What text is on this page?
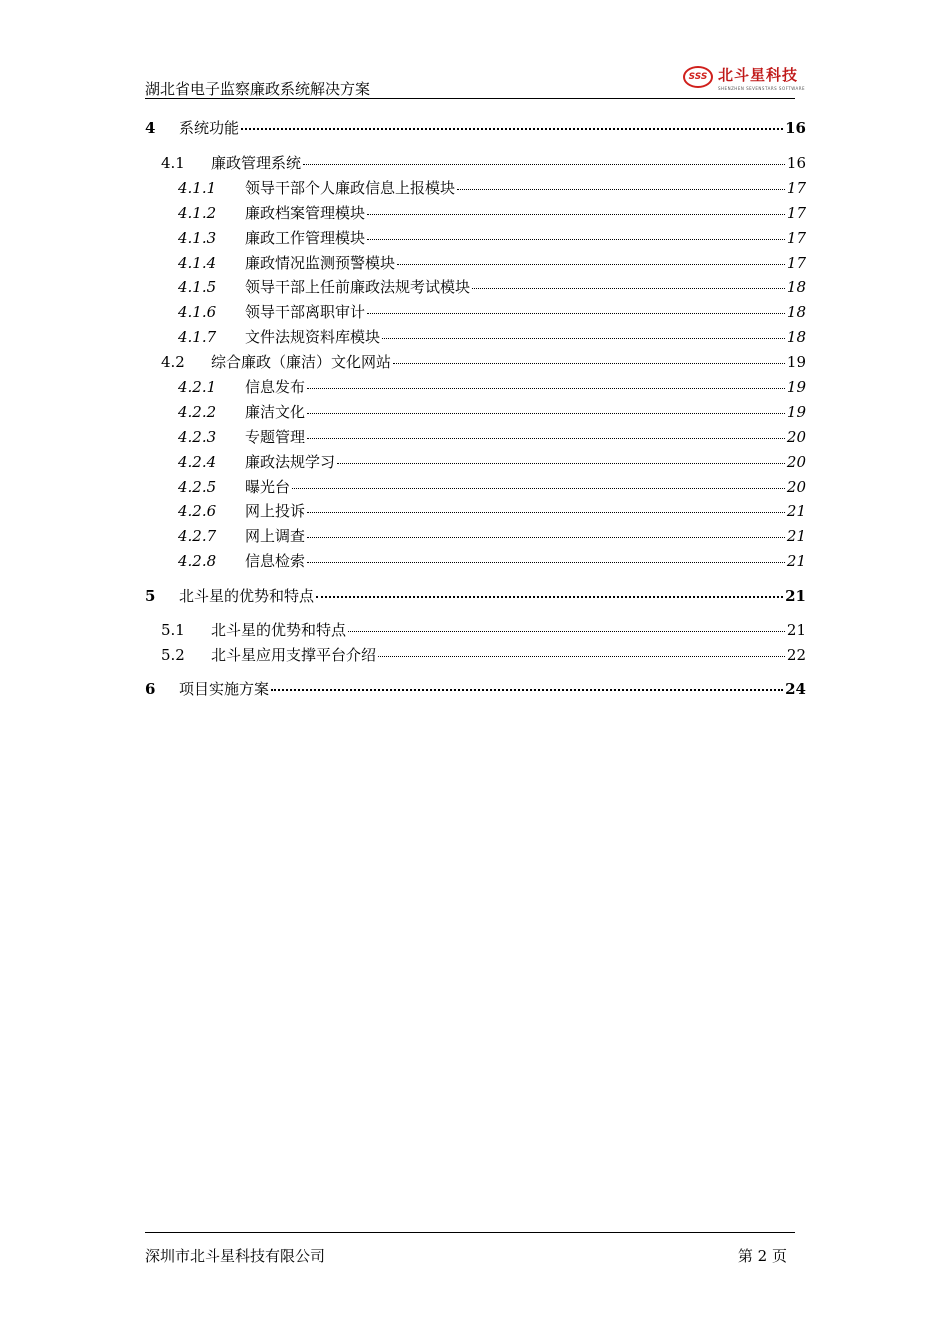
湖北省电子监察廉政系统解决方案
SSS 北斗星科技
SHENZHEN SEVENSTARS SOFTWARE
4	系统功能	16
4.1	廉政管理系统	16
4.1.1	领导干部个人廉政信息上报模块	17
4.1.2	廉政档案管理模块	17
4.1.3	廉政工作管理模块	17
4.1.4	廉政情况监测预警模块	17
4.1.5	领导干部上任前廉政法规考试模块	18
4.1.6	领导干部离职审计	18
4.1.7	文件法规资料库模块	18
4.2	综合廉政（廉洁）文化网站	19
4.2.1	信息发布	19
4.2.2	廉洁文化	19
4.2.3	专题管理	20
4.2.4	廉政法规学习	20
4.2.5	曝光台	20
4.2.6	网上投诉	21
4.2.7	网上调查	21
4.2.8	信息检索	21
5	北斗星的优势和特点	21
5.1	北斗星的优势和特点	21
5.2	北斗星应用支撑平台介绍	22
6	项目实施方案	24
深圳市北斗星科技有限公司	第 2 页
